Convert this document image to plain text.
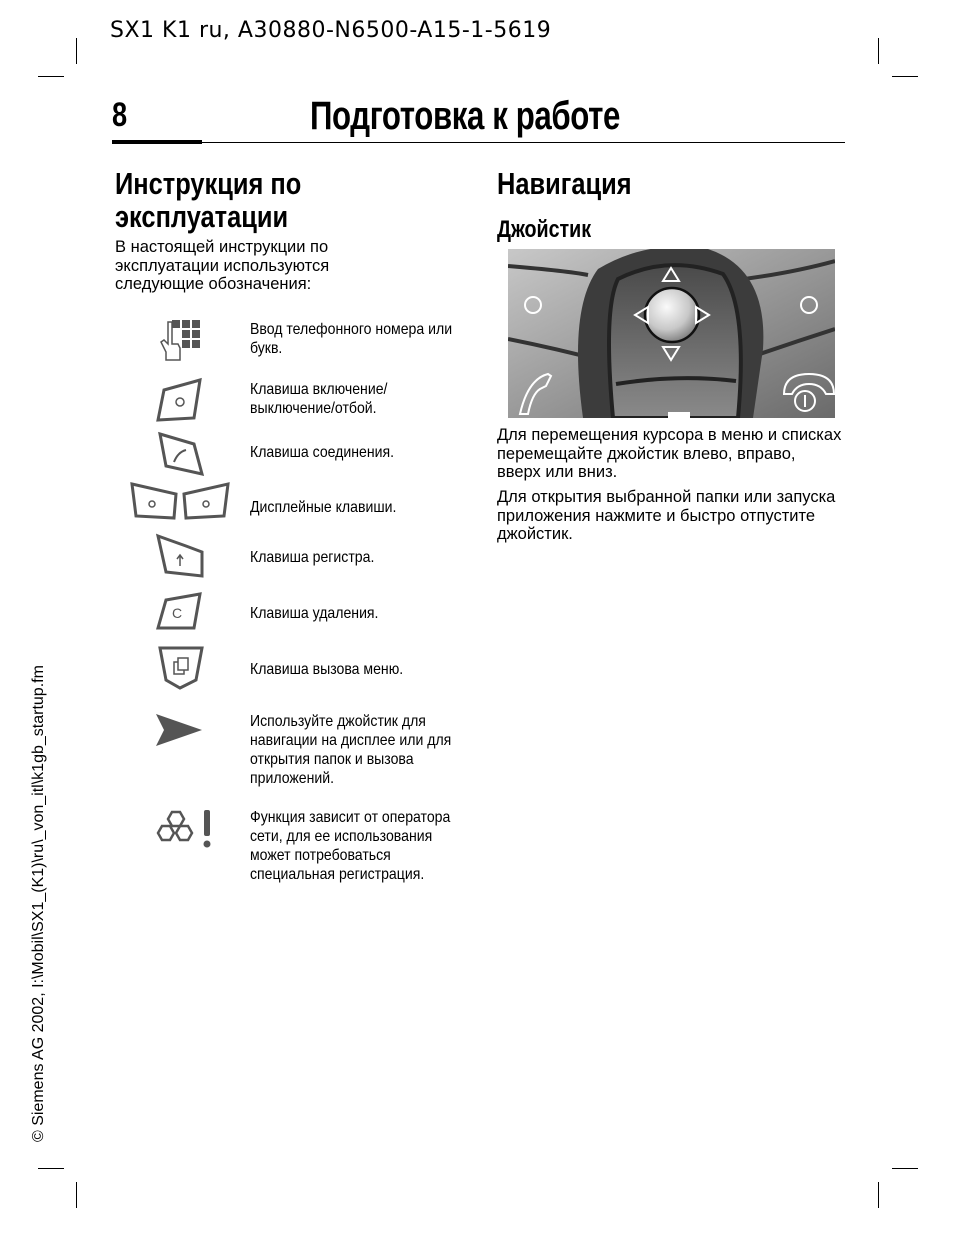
SX1 K1 ru, A30880-N6500-A15-1-5619
8	Подготовка к работе
Инструкция по
эксплуатации
В настоящей инструкции по эксплуатации используются следующие обозначения:
Ввод телефонного номера или букв.
Клавиша включение/ выключение/отбой.
Клавиша соединения.
Дисплейные клавиши.
Клавиша регистра.
C	Клавиша удаления.
Клавиша вызова меню.
Используйте джойстик для навигации на дисплее или для открытия папок и вызова приложений.
Функция зависит от оператора сети, для ее использования может потребоваться специальная регистрация.
Навигация
Джойстик
Для перемещения курсора в меню и списках перемещайте джойстик влево, вправо, вверх или вниз.
Для открытия выбранной папки или запуска приложения нажмите и быстро отпустите джойстик.
© Siemens AG 2002, I:\Mobil\SX1_(K1)\ru\_von_itl\k1gb_startup.fm
